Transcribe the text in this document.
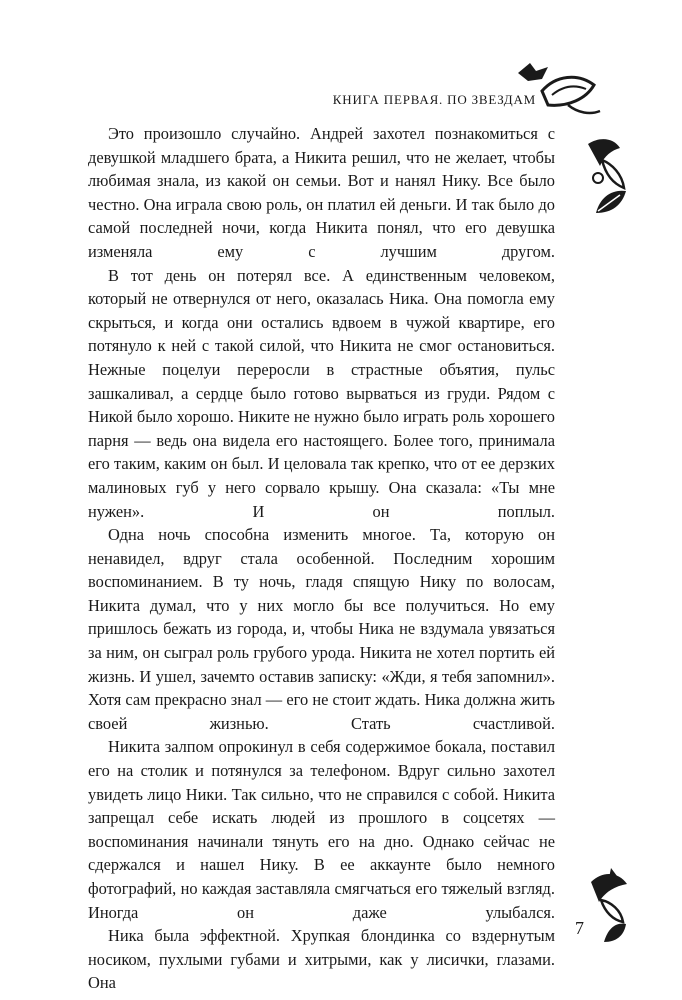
КНИГА ПЕРВАЯ. ПО ЗВЕЗДАМ

Это произошло случайно. Андрей захотел познакомиться с девушкой младшего брата, а Никита решил, что не желает, чтобы любимая знала, из какой он семьи. Вот и нанял Нику. Все было честно. Она играла свою роль, он платил ей деньги. И так было до самой последней ночи, когда Никита понял, что его девушка изменяла ему с лучшим другом.

В тот день он потерял все. А единственным человеком, который не отвернулся от него, оказалась Ника. Она помогла ему скрыться, и когда они остались вдвоем в чужой квартире, его потянуло к ней с такой силой, что Никита не смог остановиться. Нежные поцелуи переросли в страстные объятия, пульс зашкаливал, а сердце было готово вырваться из груди. Рядом с Никой было хорошо. Никите не нужно было играть роль хорошего парня — ведь она видела его настоящего. Более того, принимала его таким, каким он был. И целовала так крепко, что от ее дерзких малиновых губ у него сорвало крышу. Она сказала: «Ты мне нужен». И он поплыл.

Одна ночь способна изменить многое. Та, которую он ненавидел, вдруг стала особенной. Последним хорошим воспоминанием. В ту ночь, гладя спящую Нику по волосам, Никита думал, что у них могло бы все получиться. Но ему пришлось бежать из города, и, чтобы Ника не вздумала увязаться за ним, он сыграл роль грубого урода. Никита не хотел портить ей жизнь. И ушел, зачемто оставив записку: «Жди, я тебя запомнил». Хотя сам прекрасно знал — его не стоит ждать. Ника должна жить своей жизнью. Стать счастливой.

Никита залпом опрокинул в себя содержимое бокала, поставил его на столик и потянулся за телефоном. Вдруг сильно захотел увидеть лицо Ники. Так сильно, что не справился с собой. Никита запрещал себе искать людей из прошлого в соцсетях — воспоминания начинали тянуть его на дно. Однако сейчас не сдержался и нашел Нику. В ее аккаунте было немного фотографий, но каждая заставляла смягчаться его тяжелый взгляд. Иногда он даже улыбался.

Ника была эффектной. Хрупкая блондинка со вздернутым носиком, пухлыми губами и хитрыми, как у лисички, глазами. Она

7
